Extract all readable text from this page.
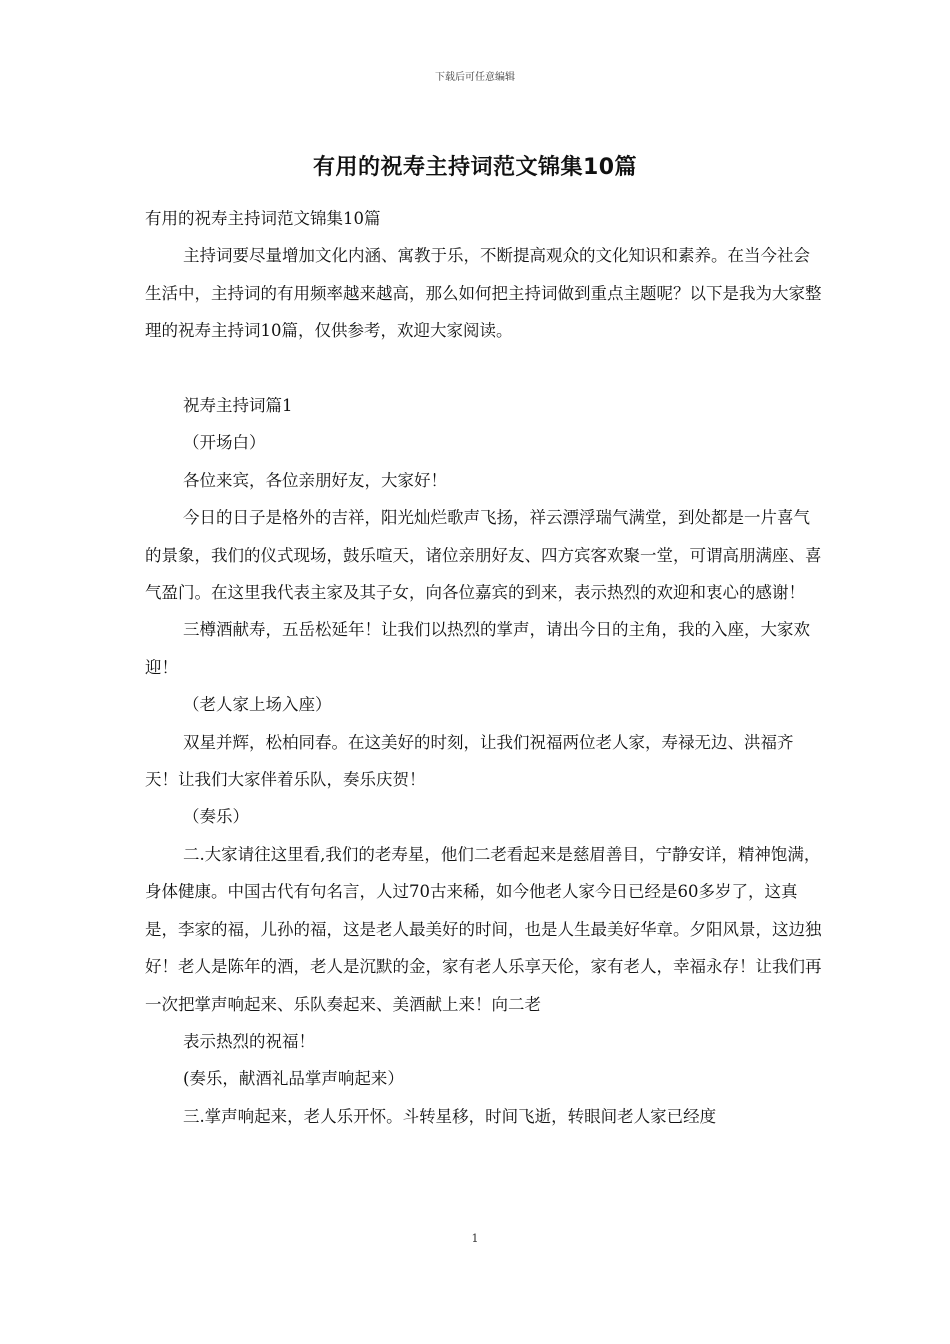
下载后可任意编辑
有用的祝寿主持词范文锦集10篇

有用的祝寿主持词范文锦集10篇

主持词要尽量增加文化内涵、寓教于乐，不断提高观众的文化知识和素养。在当今社会生活中，主持词的有用频率越来越高，那么如何把主持词做到重点主题呢？以下是我为大家整理的祝寿主持词10篇，仅供参考，欢迎大家阅读。

祝寿主持词篇1

（开场白）

各位来宾，各位亲朋好友，大家好！

今日的日子是格外的吉祥，阳光灿烂歌声飞扬，祥云漂浮瑞气满堂，到处都是一片喜气的景象，我们的仪式现场，鼓乐喧天，诸位亲朋好友、四方宾客欢聚一堂，可谓高朋满座、喜气盈门。在这里我代表主家及其子女，向各位嘉宾的到来，表示热烈的欢迎和衷心的感谢！

三樽酒献寿，五岳松延年！让我们以热烈的掌声，请出今日的主角，我的入座，大家欢迎！

（老人家上场入座）

双星并辉，松柏同春。在这美好的时刻，让我们祝福两位老人家，寿禄无边、洪福齐天！让我们大家伴着乐队，奏乐庆贺！

（奏乐）

二.大家请往这里看,我们的老寿星，他们二老看起来是慈眉善目，宁静安详，精神饱满，身体健康。中国古代有句名言，人过70古来稀，如今他老人家今日已经是60多岁了，这真是，李家的福，儿孙的福，这是老人最美好的时间，也是人生最美好华章。夕阳风景，这边独好！老人是陈年的酒，老人是沉默的金，家有老人乐享天伦，家有老人，幸福永存！让我们再一次把掌声响起来、乐队奏起来、美酒献上来！向二老

表示热烈的祝福！

(奏乐，献酒礼品掌声响起来）

三.掌声响起来，老人乐开怀。斗转星移，时间飞逝，转眼间老人家已经度

1
